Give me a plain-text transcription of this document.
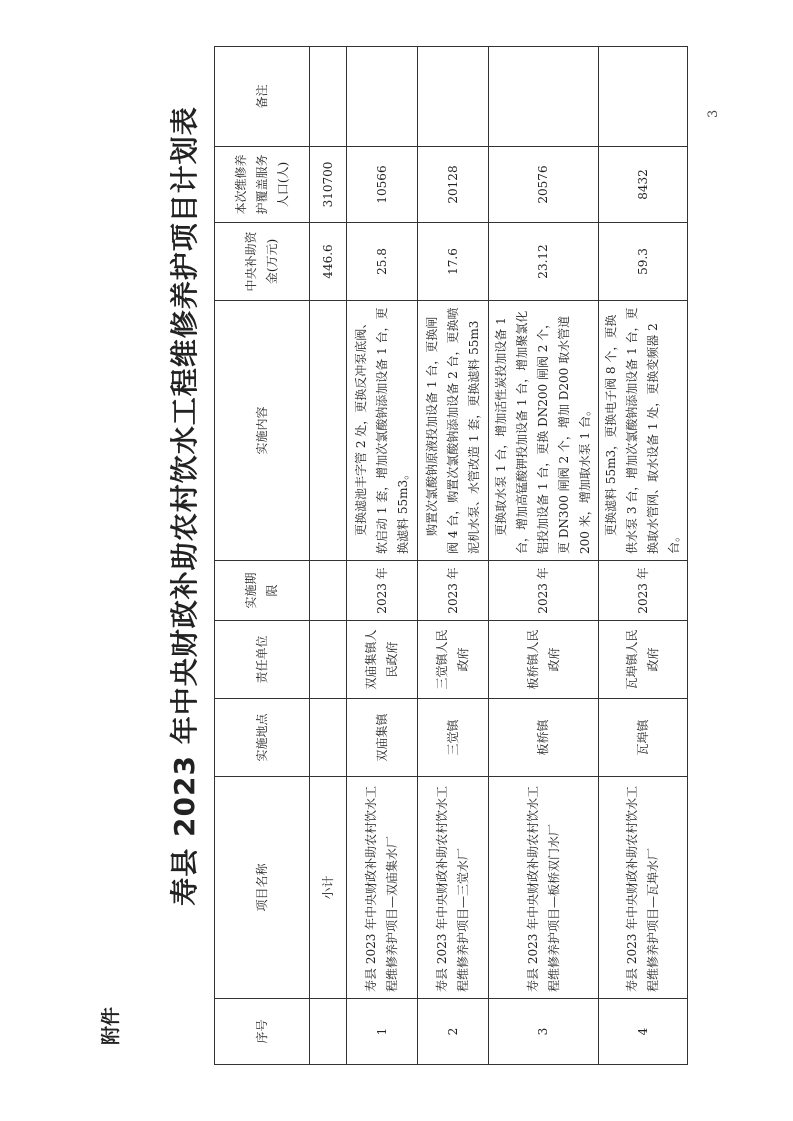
3

附件

寿县 2023 年中央财政补助农村饮水工程维修养护项目计划表
序号	项目名称	实施地点	责任单位	实施期限	实施内容	中央补助资金(万元)	本次维修养护覆盖服务人口(人)	备注
	小计					446.6	310700	
1	寿县 2023 年中央财政补助农村饮水工程维修养护项目—双庙集水厂	双庙集镇	双庙集镇人民政府	2023 年	更换滤池丰字管 2 处，更换反冲泵底阀、软启动 1 套，增加次氯酸钠添加设备 1 台，更换滤料 55m3。	25.8	10566	
2	寿县 2023 年中央财政补助农村饮水工程维修养护项目—三觉水厂	三觉镇	三觉镇人民政府	2023 年	购置次氯酸钠原液投加设备 1 台，更换闸阀 4 台，购置次氯酸钠添加设备 2 台，更换喷泥机水泵、水管改造 1 套，更换滤料 55m3	17.6	20128	
3	寿县 2023 年中央财政补助农村饮水工程维修养护项目—板桥双门水厂	板桥镇	板桥镇人民政府	2023 年	更换取水泵 1 台，增加活性炭投加设备 1 台，增加高锰酸钾投加设备 1 台，增加聚氯化铝投加设备 1 台，更换 DN200 闸阀 2 个，更 DN300 闸阀 2 个，增加 D200 取水管道 200 米，增加取水泵 1 台。	23.12	20576	
4	寿县 2023 年中央财政补助农村饮水工程维修养护项目—瓦埠水厂	瓦埠镇	瓦埠镇人民政府	2023 年	更换滤料 55m3，更换电子阀 8 个，更换供水泵 3 台，增加次氯酸钠添加设备 1 台，更换取水管网、取水设备 1 处，更换变频器 2 台。	59.3	8432	
